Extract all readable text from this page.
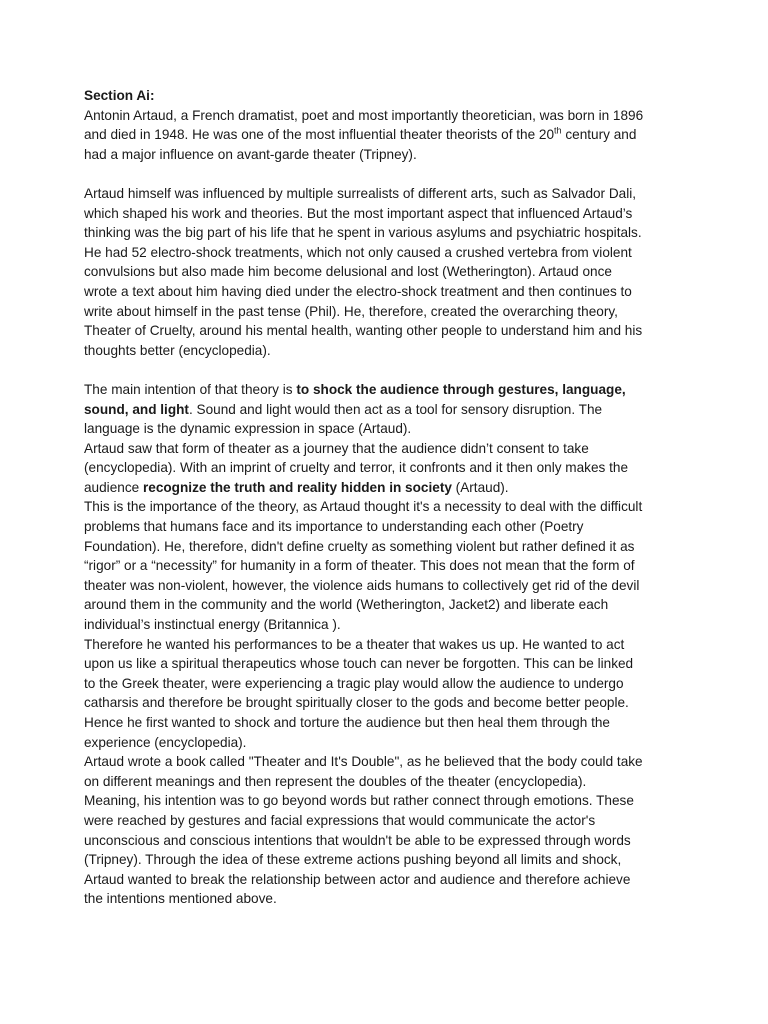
Section Ai:

Antonin Artaud, a French dramatist, poet and most importantly theoretician, was born in 1896 and died in 1948. He was one of the most influential theater theorists of the 20th century and had a major influence on avant-garde theater (Tripney).

Artaud himself was influenced by multiple surrealists of different arts, such as Salvador Dali, which shaped his work and theories. But the most important aspect that influenced Artaud’s thinking was the big part of his life that he spent in various asylums and psychiatric hospitals. He had 52 electro-shock treatments, which not only caused a crushed vertebra from violent convulsions but also made him become delusional and lost (Wetherington). Artaud once wrote a text about him having died under the electro-shock treatment and then continues to write about himself in the past tense (Phil). He, therefore, created the overarching theory, Theater of Cruelty, around his mental health, wanting other people to understand him and his thoughts better (encyclopedia).

The main intention of that theory is to shock the audience through gestures, language, sound, and light. Sound and light would then act as a tool for sensory disruption. The language is the dynamic expression in space (Artaud).

Artaud saw that form of theater as a journey that the audience didn’t consent to take (encyclopedia). With an imprint of cruelty and terror, it confronts and it then only makes the audience recognize the truth and reality hidden in society (Artaud).

This is the importance of the theory, as Artaud thought it's a necessity to deal with the difficult problems that humans face and its importance to understanding each other (Poetry Foundation). He, therefore, didn't define cruelty as something violent but rather defined it as “rigor” or a “necessity” for humanity in a form of theater. This does not mean that the form of theater was non-violent, however, the violence aids humans to collectively get rid of the devil around them in the community and the world (Wetherington, Jacket2) and liberate each individual’s instinctual energy (Britannica ).

Therefore he wanted his performances to be a theater that wakes us up. He wanted to act upon us like a spiritual therapeutics whose touch can never be forgotten. This can be linked to the Greek theater, were experiencing a tragic play would allow the audience to undergo catharsis and therefore be brought spiritually closer to the gods and become better people. Hence he first wanted to shock and torture the audience but then heal them through the experience (encyclopedia).

Artaud wrote a book called "Theater and It's Double", as he believed that the body could take on different meanings and then represent the doubles of the theater (encyclopedia). Meaning, his intention was to go beyond words but rather connect through emotions. These were reached by gestures and facial expressions that would communicate the actor's unconscious and conscious intentions that wouldn't be able to be expressed through words (Tripney). Through the idea of these extreme actions pushing beyond all limits and shock, Artaud wanted to break the relationship between actor and audience and therefore achieve the intentions mentioned above.
